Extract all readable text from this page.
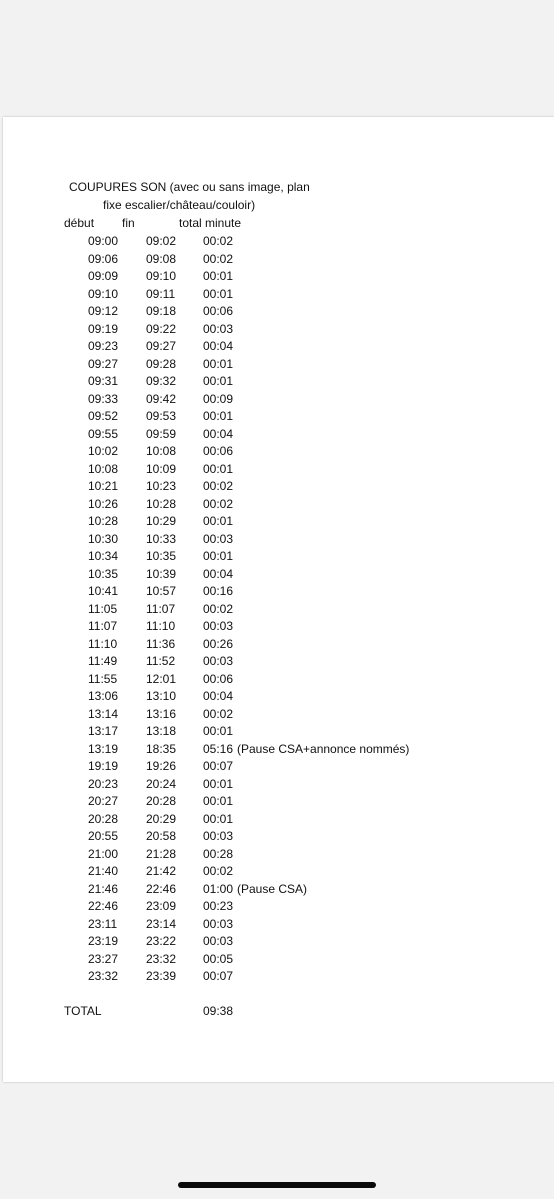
COUPURES SON (avec ou sans image, plan
fixe escalier/château/couloir)
début fin	total minute
09:00 09:02 00:02
09:06 09:08 00:02
09:09 09:10 00:01
09:10 09:11 00:01
09:12 09:18 00:06
09:19 09:22 00:03
09:23 09:27 00:04
09:27 09:28 00:01
09:31 09:32 00:01
09:33 09:42 00:09
09:52 09:53 00:01
09:55 09:59 00:04
10:02 10:08 00:06
10:08 10:09 00:01
10:21 10:23 00:02
10:26 10:28 00:02
10:28 10:29 00:01
10:30 10:33 00:03
10:34 10:35 00:01
10:35 10:39 00:04
10:41 10:57 00:16
11:05 11:07 00:02
11:07 11:10 00:03
11:10 11:36 00:26
11:49 11:52 00:03
11:55 12:01 00:06
13:06 13:10 00:04
13:14 13:16 00:02
13:17 13:18 00:01
13:19 18:35 05:16 (Pause CSA+annonce nommés)
19:19 19:26 00:07
20:23 20:24 00:01
20:27 20:28 00:01
20:28 20:29 00:01
20:55 20:58 00:03
21:00 21:28 00:28
21:40 21:42 00:02
21:46 22:46 01:00 (Pause CSA)
22:46 23:09 00:23
23:11 23:14 00:03
23:19 23:22 00:03
23:27 23:32 00:05
23:32 23:39 00:07
TOTAL	09:38
